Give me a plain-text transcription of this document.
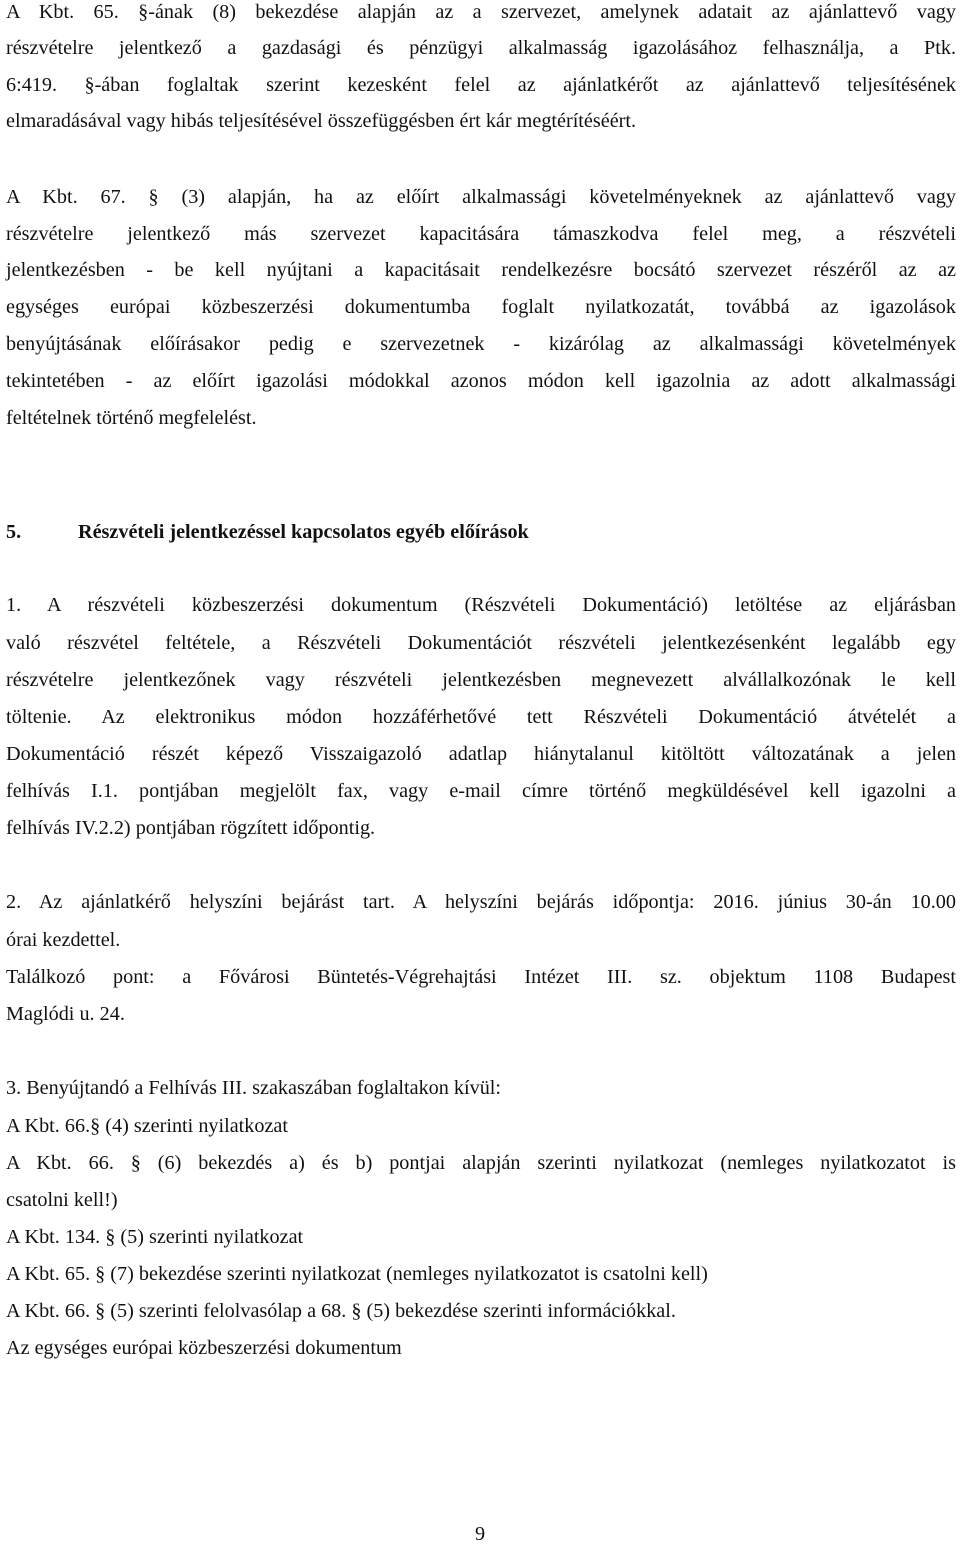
A Kbt. 65. §-ának (8) bekezdése alapján az a szervezet, amelynek adatait az ajánlattevő vagy
részvételre jelentkező a gazdasági és pénzügyi alkalmasság igazolásához felhasználja, a Ptk.
6:419. §-ában foglaltak szerint kezesként felel az ajánlatkérőt az ajánlattevő teljesítésének
elmaradásával vagy hibás teljesítésével összefüggésben ért kár megtérítéséért.
A Kbt. 67. § (3) alapján, ha az előírt alkalmassági követelményeknek az ajánlattevő vagy
részvételre jelentkező más szervezet kapacitására támaszkodva felel meg, a részvételi
jelentkezésben - be kell nyújtani a kapacitásait rendelkezésre bocsátó szervezet részéről az az
egységes európai közbeszerzési dokumentumba foglalt nyilatkozatát, továbbá az igazolások
benyújtásának előírásakor pedig e szervezetnek - kizárólag az alkalmassági követelmények
tekintetében - az előírt igazolási módokkal azonos módon kell igazolnia az adott alkalmassági
feltételnek történő megfelelést.
5.	Részvételi jelentkezéssel kapcsolatos egyéb előírások
1. A részvételi közbeszerzési dokumentum (Részvételi Dokumentáció) letöltése az eljárásban
való részvétel feltétele, a Részvételi Dokumentációt részvételi jelentkezésenként legalább egy
részvételre jelentkezőnek vagy részvételi jelentkezésben megnevezett alvállalkozónak le kell
töltenie. Az elektronikus módon hozzáférhetővé tett Részvételi Dokumentáció átvételét a
Dokumentáció részét képező Visszaigazoló adatlap hiánytalanul kitöltött változatának a jelen
felhívás I.1. pontjában megjelölt fax, vagy e-mail címre történő megküldésével kell igazolni a
felhívás IV.2.2) pontjában rögzített időpontig.
2. Az ajánlatkérő helyszíni bejárást tart. A helyszíni bejárás időpontja: 2016. június 30-án 10.00
órai kezdettel.
Találkozó pont: a Fővárosi Büntetés-Végrehajtási Intézet III. sz. objektum 1108 Budapest
Maglódi u. 24.
3. Benyújtandó a Felhívás III. szakaszában foglaltakon kívül:
A Kbt. 66.§ (4) szerinti nyilatkozat
A Kbt. 66. § (6) bekezdés a) és b) pontjai alapján szerinti nyilatkozat (nemleges nyilatkozatot is
csatolni kell!)
A Kbt. 134. § (5) szerinti nyilatkozat
A Kbt. 65. § (7) bekezdése szerinti nyilatkozat (nemleges nyilatkozatot is csatolni kell)
A Kbt. 66. § (5) szerinti felolvasólap a 68. § (5) bekezdése szerinti információkkal.
Az egységes európai közbeszerzési dokumentum
9
